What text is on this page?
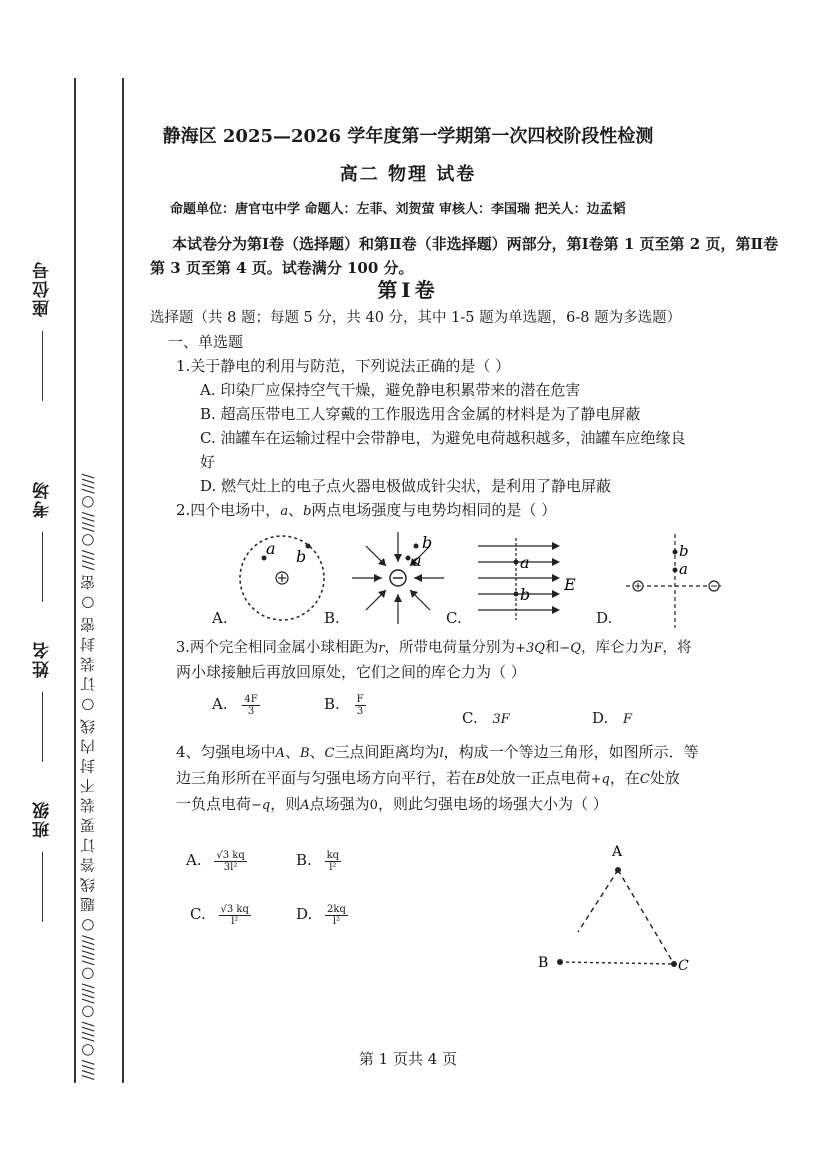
////○////○////○//////○ 题 线 答 订 要 装 不 封 内 线 ○ 订 装 封 密 ○ 密 ////○////○////
座位号
考场
姓名
班级
静海区 2025—2026 学年度第一学期第一次四校阶段性检测
高二 物理 试卷
命题单位：唐官屯中学 命题人：左菲、刘贺萤 审核人：李国瑞 把关人：边孟韬
本试卷分为第Ⅰ卷（选择题）和第Ⅱ卷（非选择题）两部分，第Ⅰ卷第 1 页至第 2 页，第Ⅱ卷第 3 页至第 4 页。试卷满分 100 分。
第Ⅰ卷
选择题（共 8 题；每题 5 分，共 40 分，其中 1-5 题为单选题，6-8 题为多选题）
一、单选题
1.关于静电的利用与防范，下列说法正确的是（ ）
A. 印染厂应保持空气干燥，避免静电积累带来的潜在危害
B. 超高压带电工人穿戴的工作服选用含金属的材料是为了静电屏蔽
C. 油罐车在运输过程中会带静电，为避免电荷越积越多，油罐车应绝缘良
好
D. 燃气灶上的电子点火器电极做成针尖状，是利用了静电屏蔽
2.四个电场中，a、b两点电场强度与电势均相同的是（ ）
a b	a
b
a
b
E
b
a
A.	B.	C.	D.
3.两个完全相同金属小球相距为r，所带电荷量分别为+3Q和−Q，库仑力为F，将
两小球接触后再放回原处，它们之间的库仑力为（ ）
A. $\frac{4F}{3}$	B. $\frac{F}{3}$
C. 3F	D. F
4、匀强电场中A、B、C三点间距离均为l，构成一个等边三角形，如图所示．等
边三角形所在平面与匀强电场方向平行，若在B处放一正点电荷+q，在C处放
一负点电荷−q，则A点场强为0，则此匀强电场的场强大小为（ ）
A. $\frac{√3 kq}{\text{3l²}}$	B. $\frac{kq}{\text{l²}}$
C. $\frac{√3 kq}{\text{l²}}$	D. $\frac{2kq}{\text{l²}}$
A
B	C
第 1 页共 4 页
